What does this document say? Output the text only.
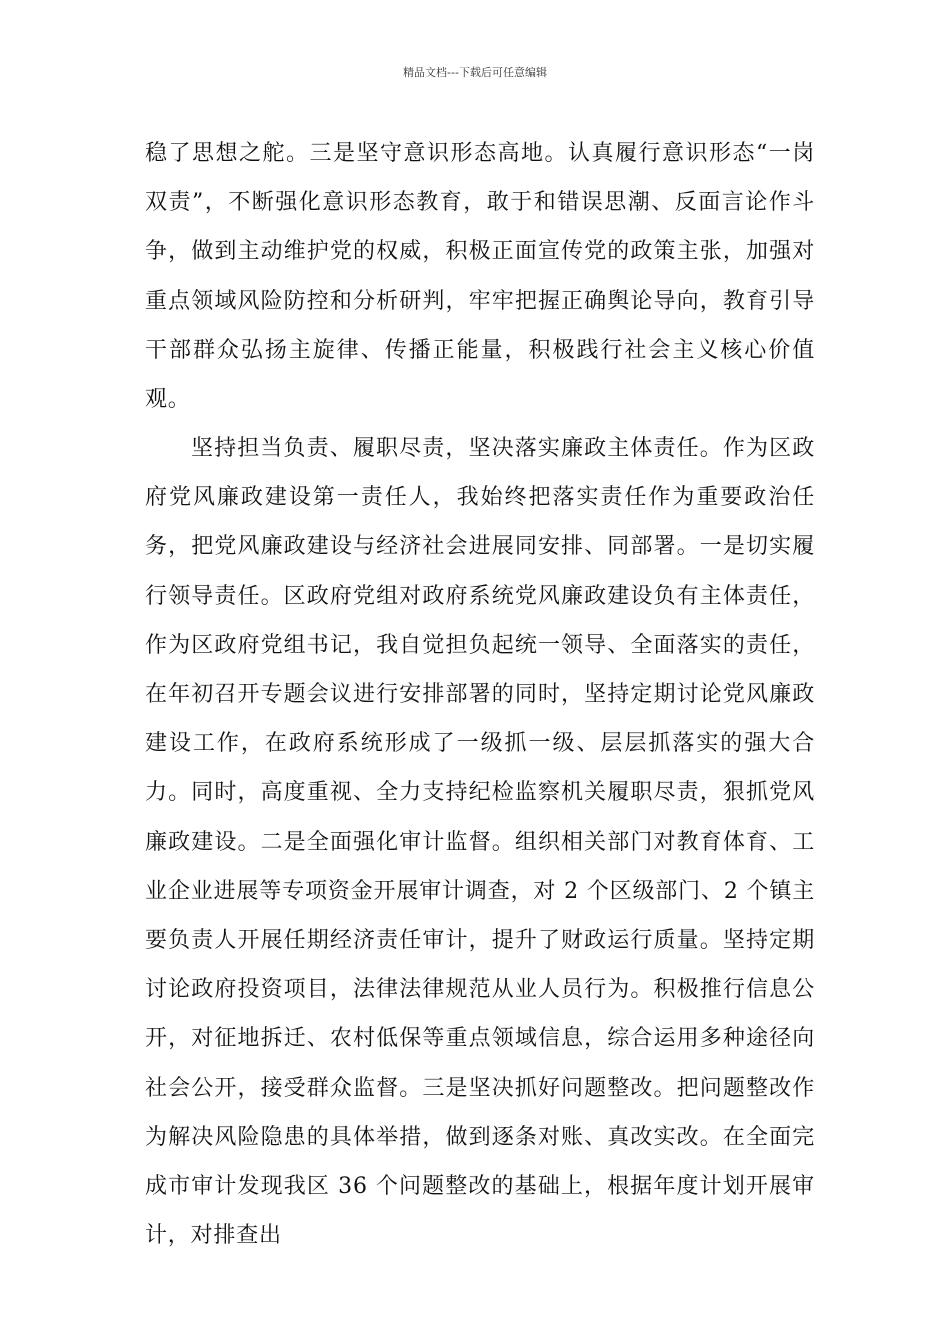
精品文档---下载后可任意编辑

稳了思想之舵。三是坚守意识形态高地。认真履行意识形态“一岗双责”，不断强化意识形态教育，敢于和错误思潮、反面言论作斗争，做到主动维护党的权威，积极正面宣传党的政策主张，加强对重点领域风险防控和分析研判，牢牢把握正确舆论导向，教育引导干部群众弘扬主旋律、传播正能量，积极践行社会主义核心价值观。

坚持担当负责、履职尽责，坚决落实廉政主体责任。作为区政府党风廉政建设第一责任人，我始终把落实责任作为重要政治任务，把党风廉政建设与经济社会进展同安排、同部署。一是切实履行领导责任。区政府党组对政府系统党风廉政建设负有主体责任，作为区政府党组书记，我自觉担负起统一领导、全面落实的责任，在年初召开专题会议进行安排部署的同时，坚持定期讨论党风廉政建设工作，在政府系统形成了一级抓一级、层层抓落实的强大合力。同时，高度重视、全力支持纪检监察机关履职尽责，狠抓党风廉政建设。二是全面强化审计监督。组织相关部门对教育体育、工业企业进展等专项资金开展审计调查，对 2 个区级部门、2 个镇主要负责人开展任期经济责任审计，提升了财政运行质量。坚持定期讨论政府投资项目，法律法律规范从业人员行为。积极推行信息公开，对征地拆迁、农村低保等重点领域信息，综合运用多种途径向社会公开，接受群众监督。三是坚决抓好问题整改。把问题整改作为解决风险隐患的具体举措，做到逐条对账、真改实改。在全面完成市审计发现我区 36 个问题整改的基础上，根据年度计划开展审计，对排查出
